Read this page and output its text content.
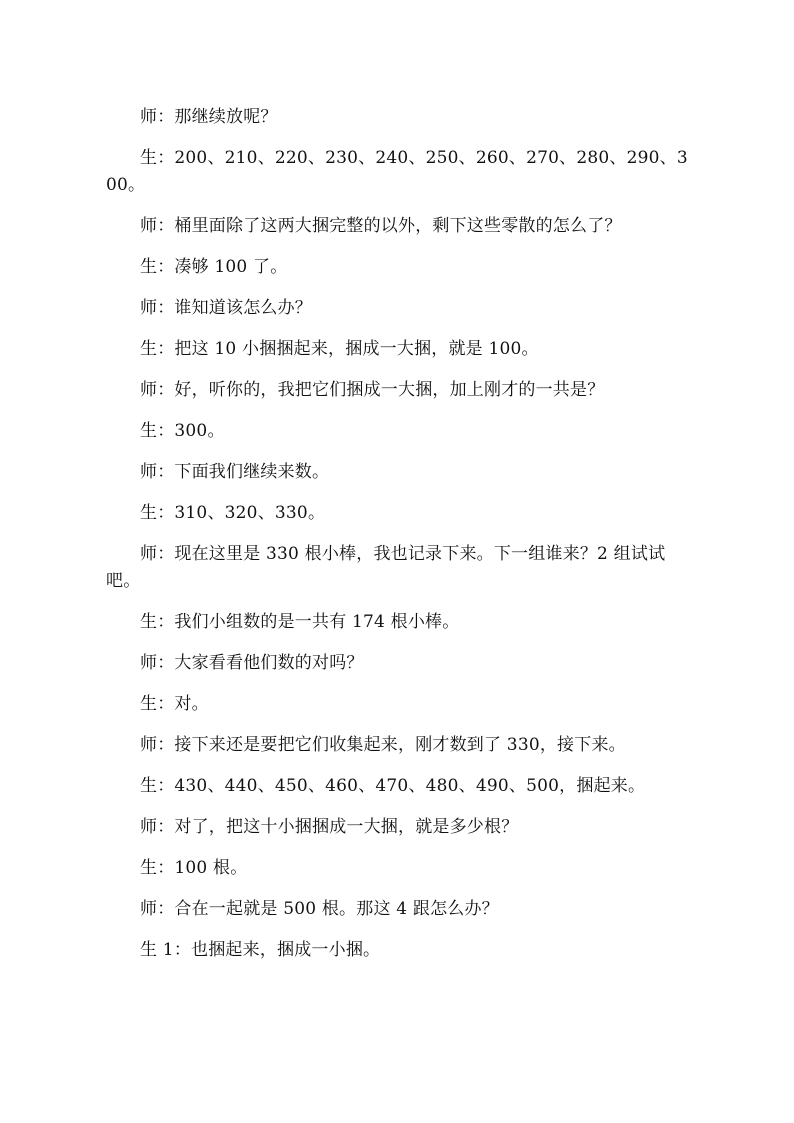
师：那继续放呢？

生：200、210、220、230、240、250、260、270、280、290、300。

师：桶里面除了这两大捆完整的以外，剩下这些零散的怎么了？

生：凑够 100 了。

师：谁知道该怎么办？

生：把这 10 小捆捆起来，捆成一大捆，就是 100。

师：好，听你的，我把它们捆成一大捆，加上刚才的一共是？

生：300。

师：下面我们继续来数。

生：310、320、330。

师：现在这里是 330 根小棒，我也记录下来。下一组谁来？2 组试试吧。

生：我们小组数的是一共有 174 根小棒。

师：大家看看他们数的对吗？

生：对。

师：接下来还是要把它们收集起来，刚才数到了 330，接下来。

生：430、440、450、460、470、480、490、500，捆起来。

师：对了，把这十小捆捆成一大捆，就是多少根？

生：100 根。

师：合在一起就是 500 根。那这 4 跟怎么办？

生 1：也捆起来，捆成一小捆。
